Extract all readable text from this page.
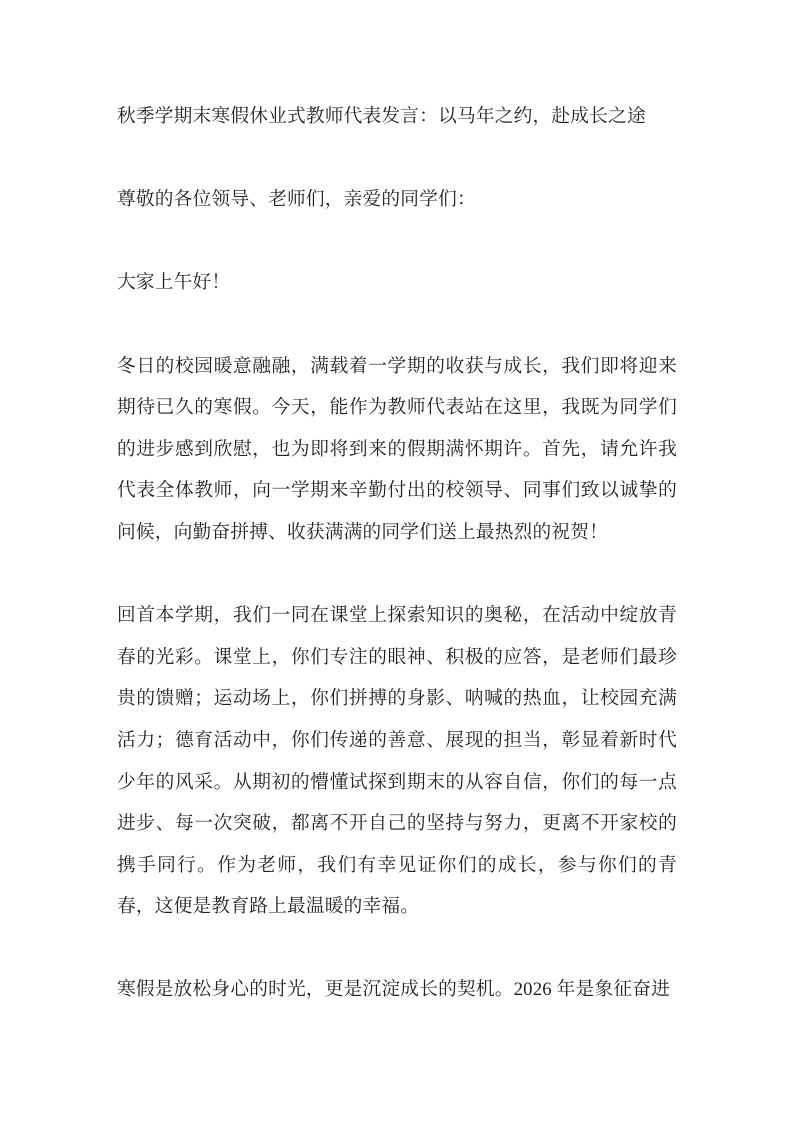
秋季学期末寒假休业式教师代表发言：以马年之约，赴成长之途

尊敬的各位领导、老师们，亲爱的同学们：

大家上午好！

冬日的校园暖意融融，满载着一学期的收获与成长，我们即将迎来期待已久的寒假。今天，能作为教师代表站在这里，我既为同学们的进步感到欣慰，也为即将到来的假期满怀期许。首先，请允许我代表全体教师，向一学期来辛勤付出的校领导、同事们致以诚挚的问候，向勤奋拼搏、收获满满的同学们送上最热烈的祝贺！

回首本学期，我们一同在课堂上探索知识的奥秘，在活动中绽放青春的光彩。课堂上，你们专注的眼神、积极的应答，是老师们最珍贵的馈赠；运动场上，你们拼搏的身影、呐喊的热血，让校园充满活力；德育活动中，你们传递的善意、展现的担当，彰显着新时代少年的风采。从期初的懵懂试探到期末的从容自信，你们的每一点进步、每一次突破，都离不开自己的坚持与努力，更离不开家校的携手同行。作为老师，我们有幸见证你们的成长，参与你们的青春，这便是教育路上最温暖的幸福。

寒假是放松身心的时光，更是沉淀成长的契机。2026 年是象征奋进
